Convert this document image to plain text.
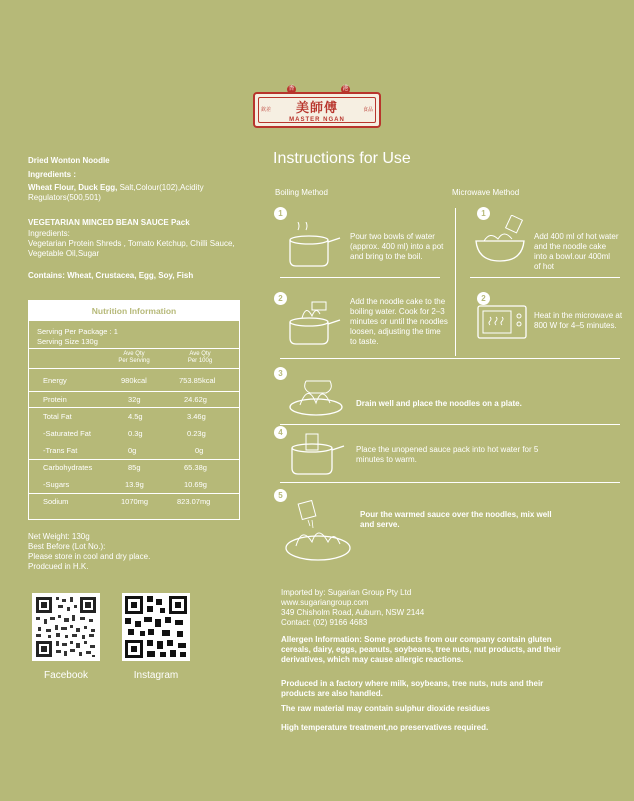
香	港
欽差	食品
美師傅
MASTER NGAN
Dried Wonton Noodle
Ingredients :
Wheat Flour, Duck Egg, Salt,Colour(102),Acidity
Regulators(500,501)
VEGETARIAN MINCED BEAN SAUCE Pack
Ingredients:
Vegetarian Protein Shreds , Tomato Ketchup, Chilli Sauce,
Vegetable Oil,Sugar
Contains: Wheat, Crustacea, Egg, Soy, Fish
Nutrition Information
Serving Per Package : 1
Serving Size 130g
Ave Qty
Per Serving
Ave Qty
Per 100g
Energy	980kcal	753.85kcal
Protein	32g	24.62g
Total Fat	4.5g	3.46g
-Saturated Fat	0.3g	0.23g
-Trans Fat	0g	0g
Carbohydrates	85g	65.38g
-Sugars	13.9g	10.69g
Sodium	1070mg	823.07mg
Net Weight: 130g
Best Before (Lot No.):
Please store in cool and dry place.
Prodcued in H.K.
Facebook	Instagram
Instructions for Use
Boiling Method	Microwave Method
1
Pour two bowls of water
(approx. 400 ml) into a pot
and bring to the boil.
2	Add the noodle cake to the
boiling water. Cook for 2–3
minutes or until the noodles
loosen, adjusting the time
to taste.
1
Add 400 ml of hot water
and the noodle cake
into a bowl.our 400ml
of hot
2
Heat in the microwave at
800 W for 4–5 minutes.
3
Drain well and place the noodles on a plate.
4
Place the unopened sauce pack into hot water for 5
minutes to warm.
5
Pour the warmed sauce over the noodles, mix well
and serve.
Imported by: Sugarian Group Pty Ltd
www.sugariangroup.com
349 Chisholm Road, Auburn, NSW 2144
Contact: (02) 9166 4683
Allergen Information: Some products from our company contain gluten
cereals, dairy, eggs, peanuts, soybeans, tree nuts, nut products, and their
derivatives, which may cause allergic reactions.
Produced in a factory where milk, soybeans, tree nuts, nuts and their
products are also handled.
The raw material may contain sulphur dioxide residues
High temperature treatment,no preservatives required.
